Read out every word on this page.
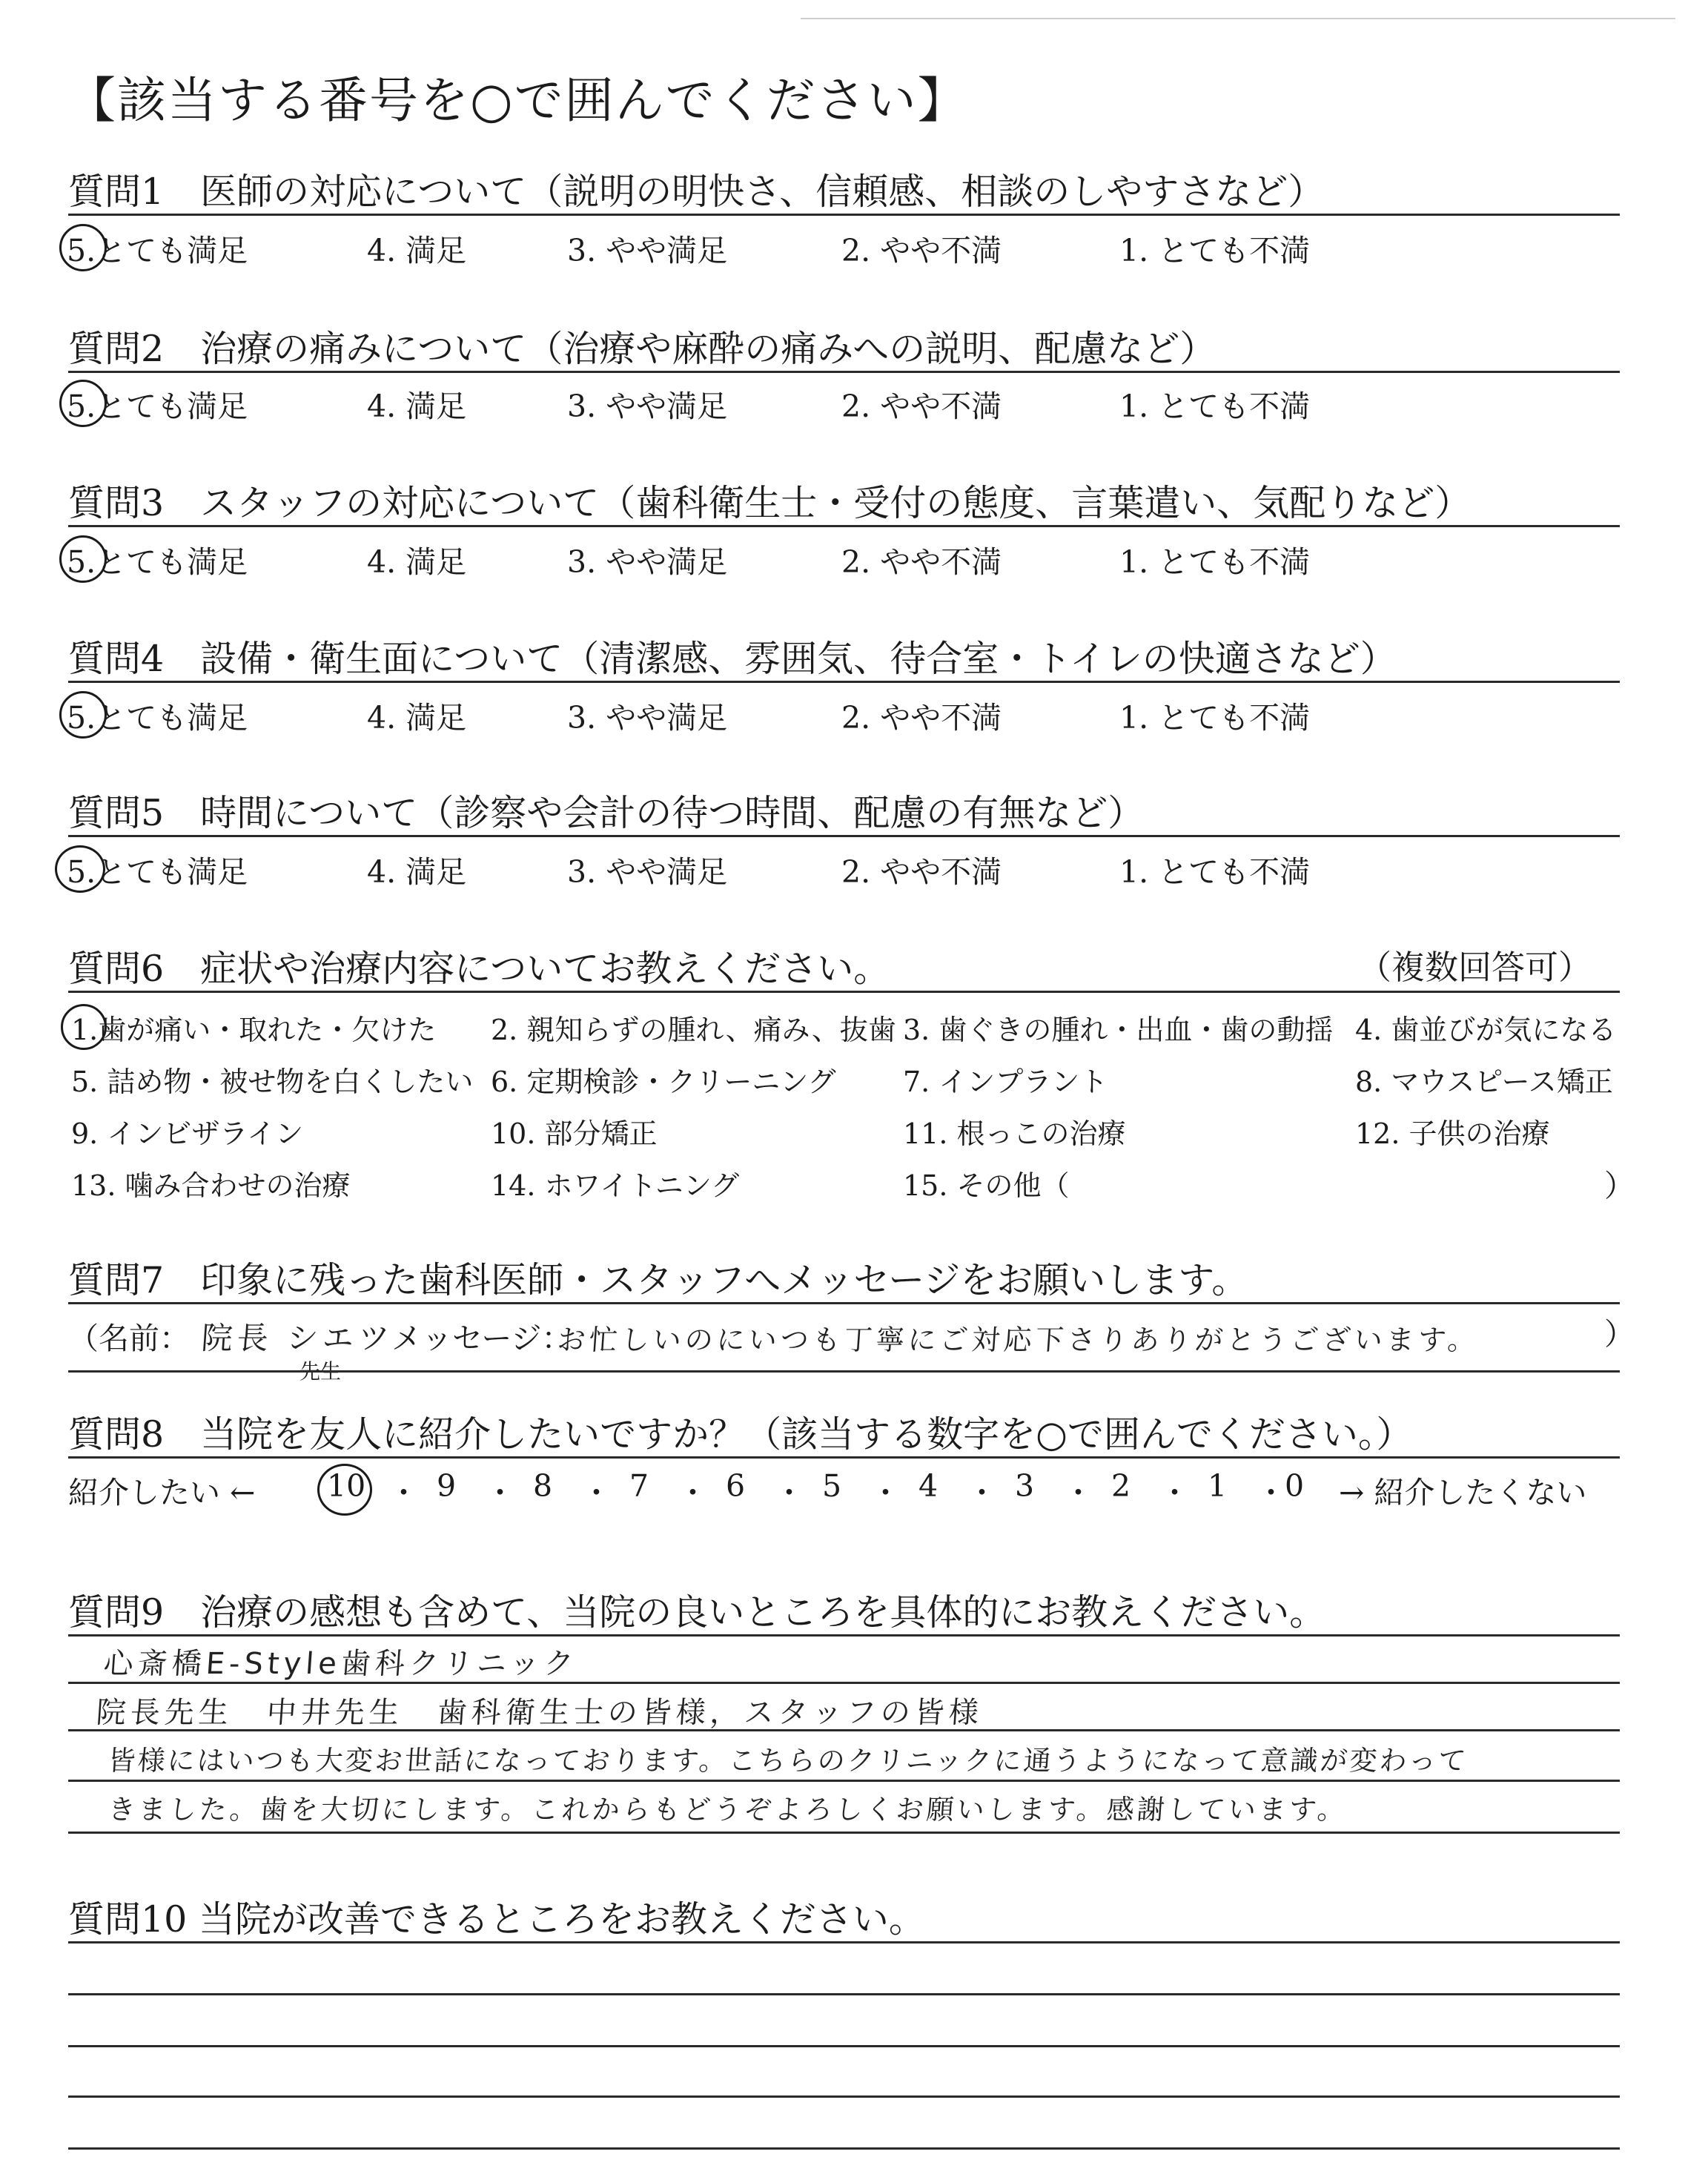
【該当する番号を○で囲んでください】
質問1　医師の対応について（説明の明快さ、信頼感、相談のしやすさなど）
5.とても満足	4. 満足	3. やや満足	2. やや不満	1. とても不満
質問2　治療の痛みについて（治療や麻酔の痛みへの説明、配慮など）
5.とても満足	4. 満足	3. やや満足	2. やや不満	1. とても不満
質問3　スタッフの対応について（歯科衛生士・受付の態度、言葉遣い、気配りなど）
5.とても満足	4. 満足	3. やや満足	2. やや不満	1. とても不満
質問4　設備・衛生面について（清潔感、雰囲気、待合室・トイレの快適さなど）
5.とても満足	4. 満足	3. やや満足	2. やや不満	1. とても不満
質問5　時間について（診察や会計の待つ時間、配慮の有無など）
5.とても満足	4. 満足	3. やや満足	2. やや不満	1. とても不満
質問6　症状や治療内容についてお教えください。	（複数回答可）
1.歯が痛い・取れた・欠けた 2. 親知らずの腫れ、痛み、抜歯 3. 歯ぐきの腫れ・出血・歯の動揺 4. 歯並びが気になる
5. 詰め物・被せ物を白くしたい 6. 定期検診・クリーニング 7. インプラント	8. マウスピース矯正
9. インビザライン	10. 部分矯正	11. 根っこの治療	12. 子供の治療
13. 噛み合わせの治療	14. ホワイトニング	15. その他（	）
質問7　印象に残った歯科医師・スタッフへメッセージをお願いします。
（名前： 院長 シエツ
先生
メッセージ：
お忙しいのにいつも丁寧にご対応下さりありがとうございます。	）
質問8　当院を友人に紹介したいですか？（該当する数字を○で囲んでください。）
紹介したい ← 10 ・ 9 ・ 8 ・ 7 ・ 6 ・ 5 ・ 4 ・ 3 ・ 2 ・ 1 ・
0 → 紹介したくない
質問9　治療の感想も含めて、当院の良いところを具体的にお教えください。
心斎橋E-Style歯科クリニック
院長先生　中井先生　歯科衛生士の皆様，スタッフの皆様
皆様にはいつも大変お世話になっております。こちらのクリニックに通うようになって意識が変わって
きました。歯を大切にします。これからもどうぞよろしくお願いします。感謝しています。
質問10 当院が改善できるところをお教えください。
